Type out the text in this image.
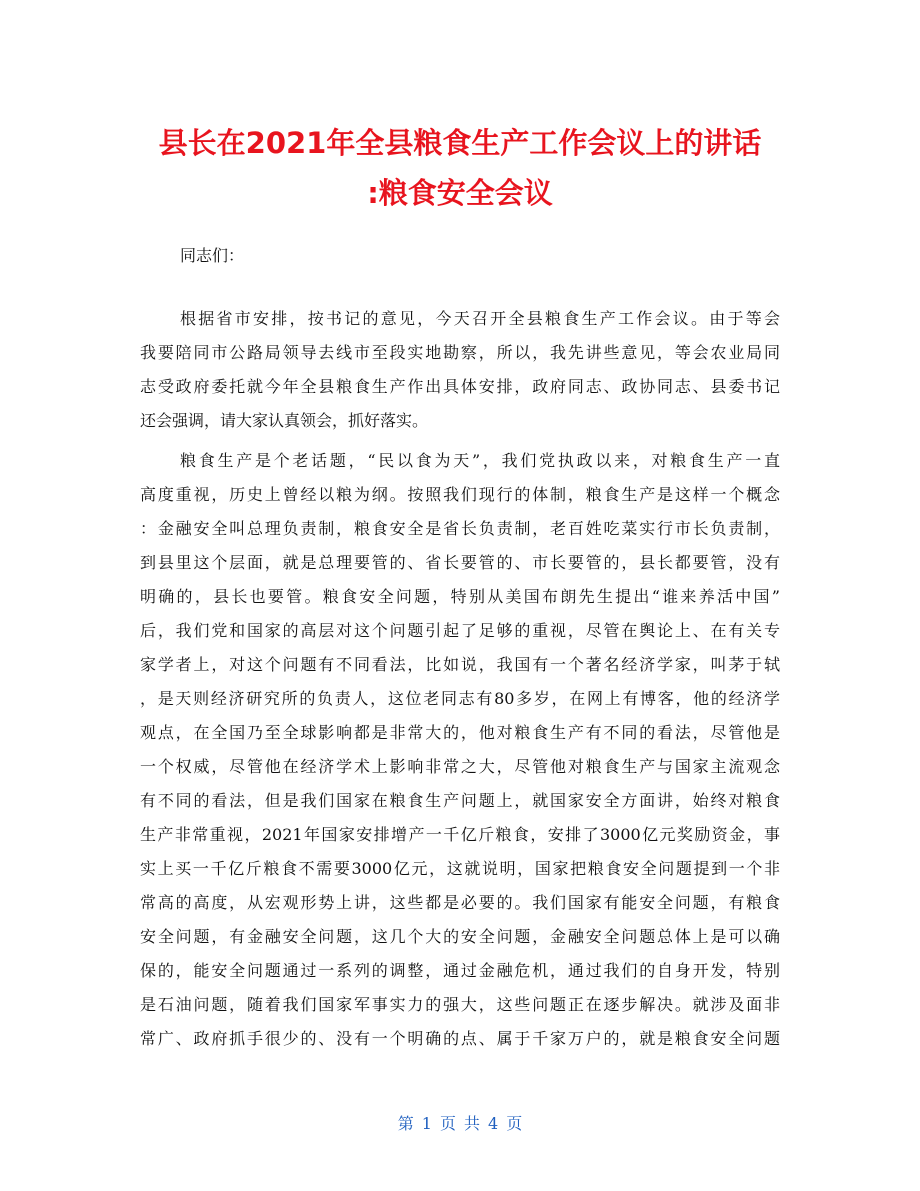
县长在2021年全县粮食生产工作会议上的讲话
:粮食安全会议
同志们：
根据省市安排，按书记的意见，今天召开全县粮食生产工作会议。由于等会
我要陪同市公路局领导去线市至段实地勘察，所以，我先讲些意见，等会农业局同
志受政府委托就今年全县粮食生产作出具体安排，政府同志、政协同志、县委书记
还会强调，请大家认真领会，抓好落实。
粮食生产是个老话题，“民以食为天”，我们党执政以来，对粮食生产一直
高度重视，历史上曾经以粮为纲。按照我们现行的体制，粮食生产是这样一个概念
：金融安全叫总理负责制，粮食安全是省长负责制，老百姓吃菜实行市长负责制，
到县里这个层面，就是总理要管的、省长要管的、市长要管的，县长都要管，没有
明确的，县长也要管。粮食安全问题，特别从美国布朗先生提出“谁来养活中国”
后，我们党和国家的高层对这个问题引起了足够的重视，尽管在舆论上、在有关专
家学者上，对这个问题有不同看法，比如说，我国有一个著名经济学家，叫茅于轼
，是天则经济研究所的负责人，这位老同志有80多岁，在网上有博客，他的经济学
观点，在全国乃至全球影响都是非常大的，他对粮食生产有不同的看法，尽管他是
一个权威，尽管他在经济学术上影响非常之大，尽管他对粮食生产与国家主流观念
有不同的看法，但是我们国家在粮食生产问题上，就国家安全方面讲，始终对粮食
生产非常重视，2021年国家安排增产一千亿斤粮食，安排了3000亿元奖励资金，事
实上买一千亿斤粮食不需要3000亿元，这就说明，国家把粮食安全问题提到一个非
常高的高度，从宏观形势上讲，这些都是必要的。我们国家有能安全问题，有粮食
安全问题，有金融安全问题，这几个大的安全问题，金融安全问题总体上是可以确
保的，能安全问题通过一系列的调整，通过金融危机，通过我们的自身开发，特别
是石油问题，随着我们国家军事实力的强大，这些问题正在逐步解决。就涉及面非
常广、政府抓手很少的、没有一个明确的点、属于千家万户的，就是粮食安全问题
第 1 页 共 4 页
